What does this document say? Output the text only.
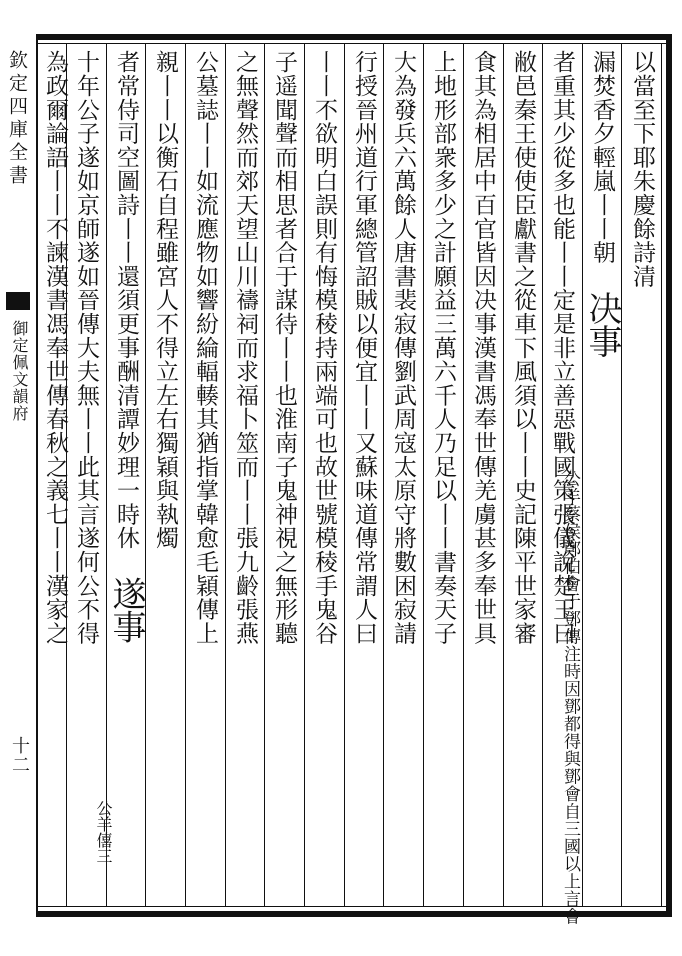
以當至下耶朱慶餘詩清
漏焚香夕輕嵐丨丨朝 决事
者重其少從多也能丨丨定是非立善惡戰國策張儀說楚王曰
敝邑秦王使使臣獻書之從車下風須以丨丨史記陳平世家審
食其為相居中百官皆因决事漢書馮奉世傳羌虜甚多奉世具
上地形部衆多少之計願益三萬六千人乃足以丨丨書奏天子
大為發兵六萬餘人唐書裴寂傳劉武周寇太原守將數困寂請
行授晉州道行軍總管詔賊以便宜丨丨又蘇味道傳常謂人曰
丨丨不欲明白誤則有悔模稜持兩端可也故世號模稜手鬼谷
子遥聞聲而相思者合于謀待丨丨也淮南子鬼神視之無形聽
之無聲然而郊天望山川禱祠而求福卜筮而丨丨張九齡張燕
公墓誌丨丨如流應物如響紛綸輻輳其猶指掌韓愈毛穎傳上
親丨丨以衡石自程雖宮人不得立左右獨穎與執燭
者常侍司空圖詩丨丨還須更事酬清譚妙理一時休 遂事
十年公子遂如京師遂如晉傳大夫無丨丨此其言遂何公不得
公羊蔡侯鄭伯會于鄧傳注時因鄧都得與鄧會自三國以上言會
公羊僖三
為政爾論語丨丨不諫漢書馮奉世傳春秋之義七丨丨漢家之
欽定四庫全書
御定佩文韻府
十二
